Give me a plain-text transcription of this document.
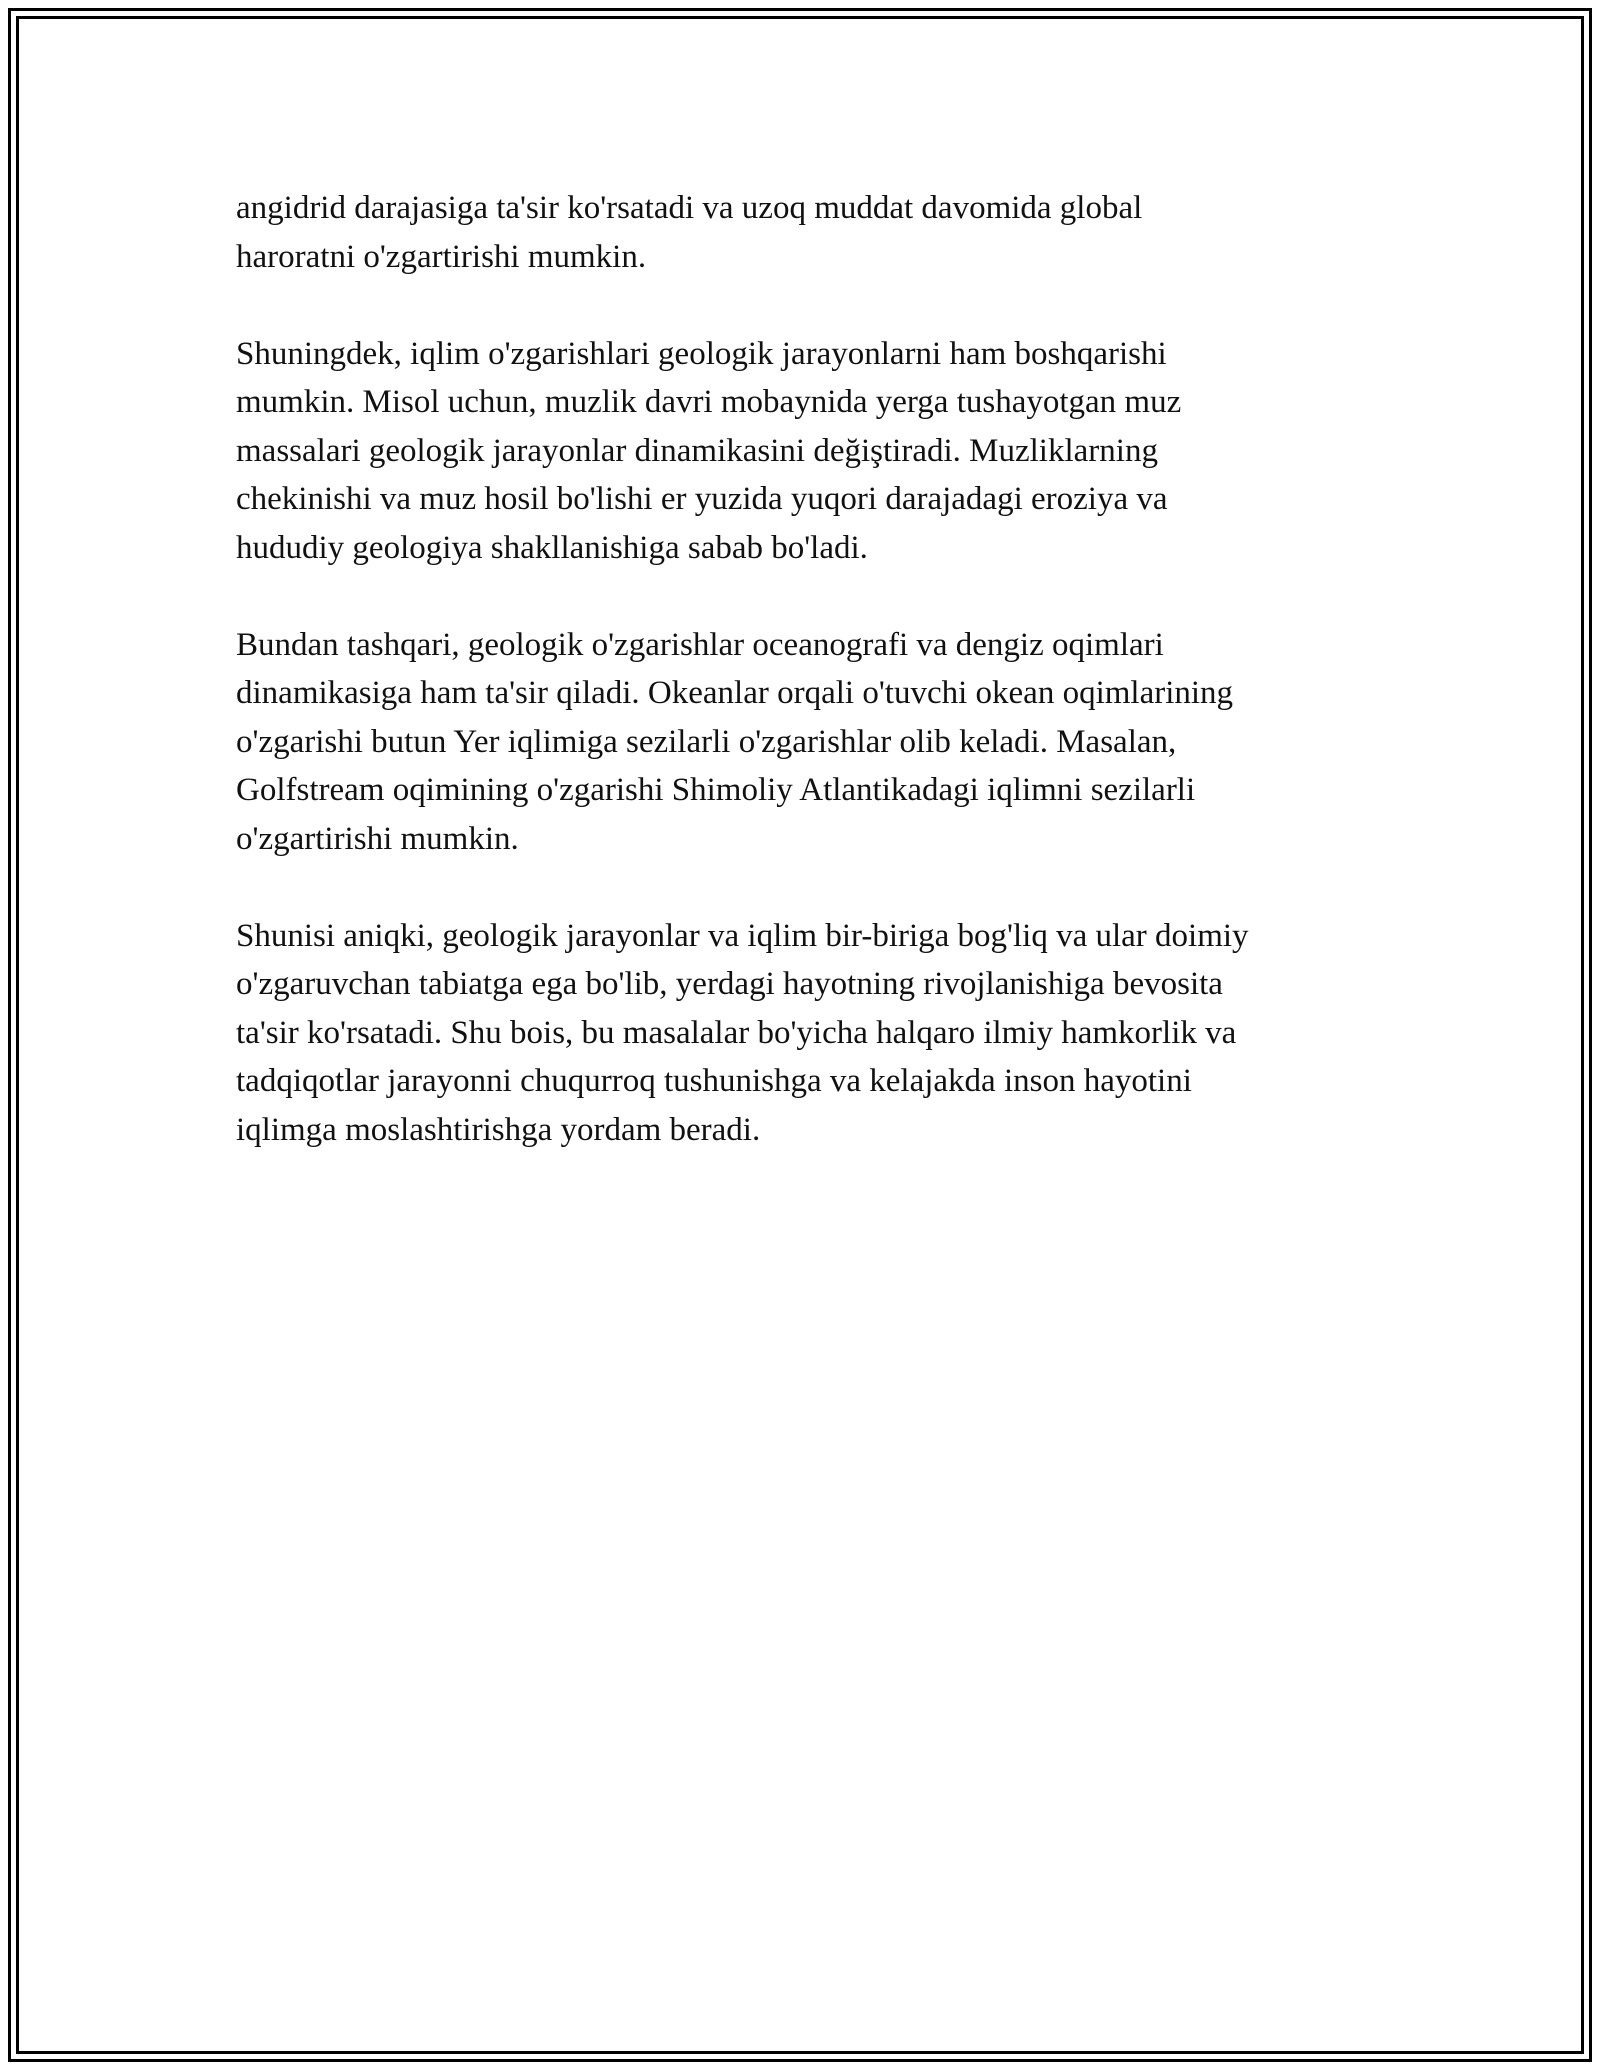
angidrid darajasiga ta'sir ko'rsatadi va uzoq muddat davomida global
haroratni o'zgartirishi mumkin.

Shuningdek, iqlim o'zgarishlari geologik jarayonlarni ham boshqarishi
mumkin. Misol uchun, muzlik davri mobaynida yerga tushayotgan muz
massalari geologik jarayonlar dinamikasini değiştiradi. Muzliklarning
chekinishi va muz hosil bo'lishi er yuzida yuqori darajadagi eroziya va
hududiy geologiya shakllanishiga sabab bo'ladi.

Bundan tashqari, geologik o'zgarishlar oceanografi va dengiz oqimlari
dinamikasiga ham ta'sir qiladi. Okeanlar orqali o'tuvchi okean oqimlarining
o'zgarishi butun Yer iqlimiga sezilarli o'zgarishlar olib keladi. Masalan,
Golfstream oqimining o'zgarishi Shimoliy Atlantikadagi iqlimni sezilarli
o'zgartirishi mumkin.

Shunisi aniqki, geologik jarayonlar va iqlim bir-biriga bog'liq va ular doimiy
o'zgaruvchan tabiatga ega bo'lib, yerdagi hayotning rivojlanishiga bevosita
ta'sir ko'rsatadi. Shu bois, bu masalalar bo'yicha halqaro ilmiy hamkorlik va
tadqiqotlar jarayonni chuqurroq tushunishga va kelajakda inson hayotini
iqlimga moslashtirishga yordam beradi.
